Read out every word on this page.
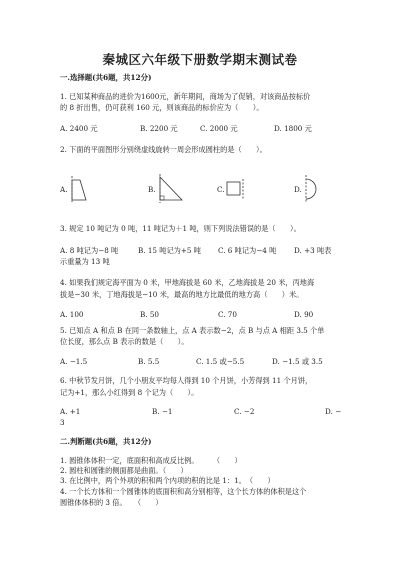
秦城区六年级下册数学期末测试卷
一.选择题(共6题，共12分)
1. 已知某种商品的进价为1600元，新年期间，商场为了促销，对该商品按标价
的 8 折出售，仍可获利 160 元，则该商品的标价应为（　　）。
A. 2400 元	B. 2200 元	C. 2000 元	D. 1800 元
2. 下面的平面图形分别绕虚线旋转一周会形成圆柱的是（　　）。
A.	B.	C.	D.
3. 规定 10 吨记为 0 吨，11 吨记为＋1 吨，则下列说法错误的是（　　）。
A. 8 吨记为−8 吨	B. 15 吨记为+5 吨 C. 6 吨记为−4 吨 D. +3 吨表
示重量为 13 吨
4. 如果我们规定海平面为 0 米，甲地海拔是 60 米，乙地海拔是 20 米，丙地海
拔是−30 米，丁地海拔是−10 米，最高的地方比最低的地方高（　　）米。
A. 100	B. 50	C. 70	D. 90
5. 已知点 A 和点 B 在同一条数轴上，点 A 表示数−2，点 B 与点 A 相距 3.5 个单
位长度，那么点 B 表示的数是（　　）。
A. −1.5	B. 5.5	C. 1.5 或−5.5	D. −1.5 或 3.5
6. 中秋节发月饼，几个小朋友平均每人得到 10 个月饼，小芳得到 11 个月饼，
记为+1，那么小红得到 8 个记为（　　）。
A. +1	B. −1	C. −2	D. −
3
二.判断题(共6题，共12分)
1. 圆锥体体积一定，底面积和高成反比例。　　　（　　）
2. 圆柱和圆锥的侧面都是曲面。（　　）
3. 在比例中，两个外项的积和两个内项的积的比是 1：1。　（　　）
4. 一个长方体和一个圆锥体的底面积和高分别相等，这个长方体的体积是这个
圆锥体体积的 3 倍。　　（　　）
